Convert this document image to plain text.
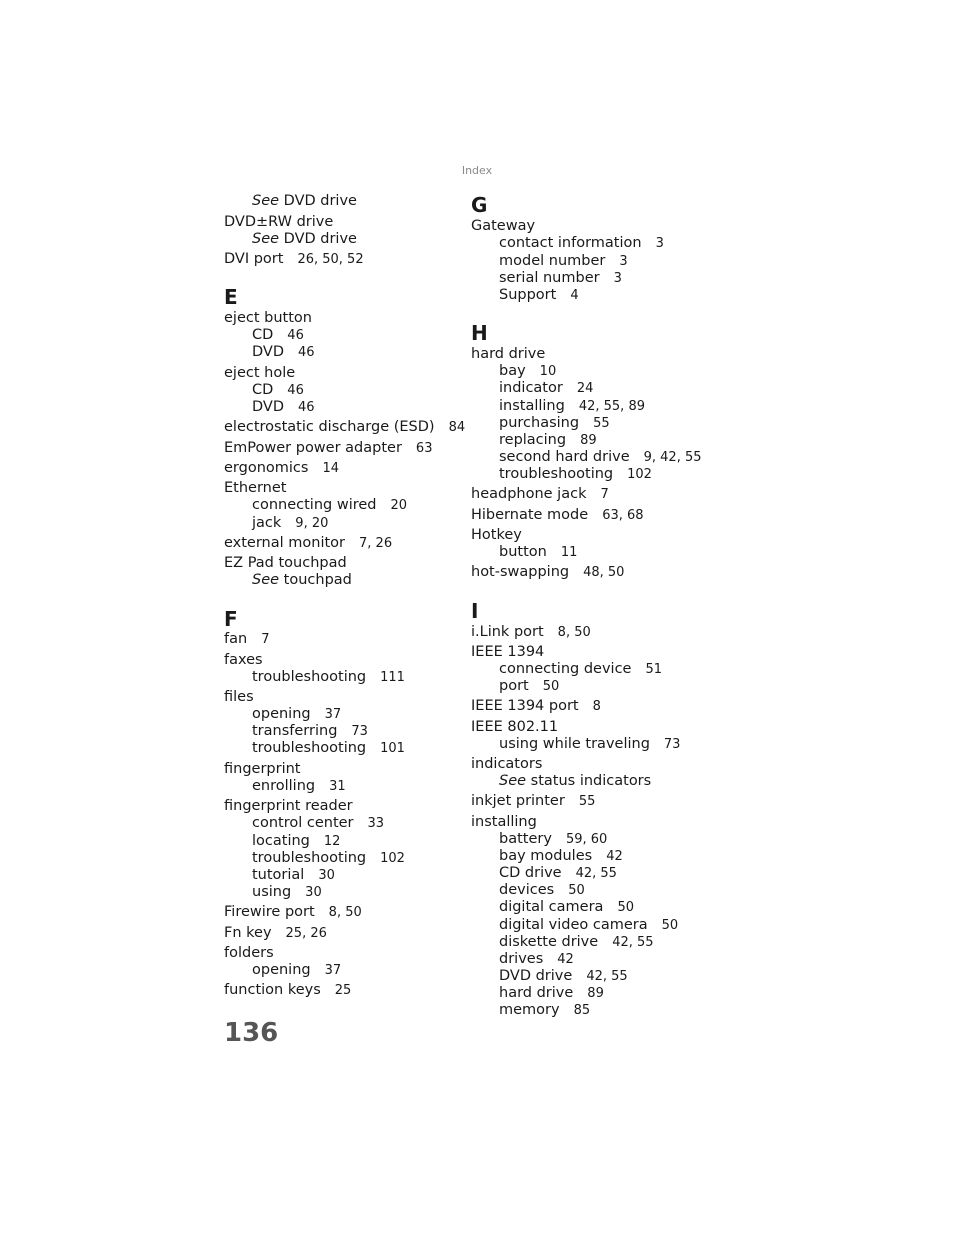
Index
See DVD drive
DVD±RW drive
See DVD drive
DVI port 26, 50, 52
E
eject button
CD 46
DVD 46
eject hole
CD 46
DVD 46
electrostatic discharge (ESD) 84
EmPower power adapter 63
ergonomics 14
Ethernet
connecting wired 20
jack 9, 20
external monitor 7, 26
EZ Pad touchpad
See touchpad
F
fan 7
faxes
troubleshooting 111
files
opening 37
transferring 73
troubleshooting 101
fingerprint
enrolling 31
fingerprint reader
control center 33
locating 12
troubleshooting 102
tutorial 30
using 30
Firewire port 8, 50
Fn key 25, 26
folders
opening 37
function keys 25
G
Gateway
contact information 3
model number 3
serial number 3
Support 4
H
hard drive
bay 10
indicator 24
installing 42, 55, 89
purchasing 55
replacing 89
second hard drive 9, 42, 55
troubleshooting 102
headphone jack 7
Hibernate mode 63, 68
Hotkey
button 11
hot-swapping 48, 50
I
i.Link port 8, 50
IEEE 1394
connecting device 51
port 50
IEEE 1394 port 8
IEEE 802.11
using while traveling 73
indicators
See status indicators
inkjet printer 55
installing
battery 59, 60
bay modules 42
CD drive 42, 55
devices 50
digital camera 50
digital video camera 50
diskette drive 42, 55
drives 42
DVD drive 42, 55
hard drive 89
memory 85
136
